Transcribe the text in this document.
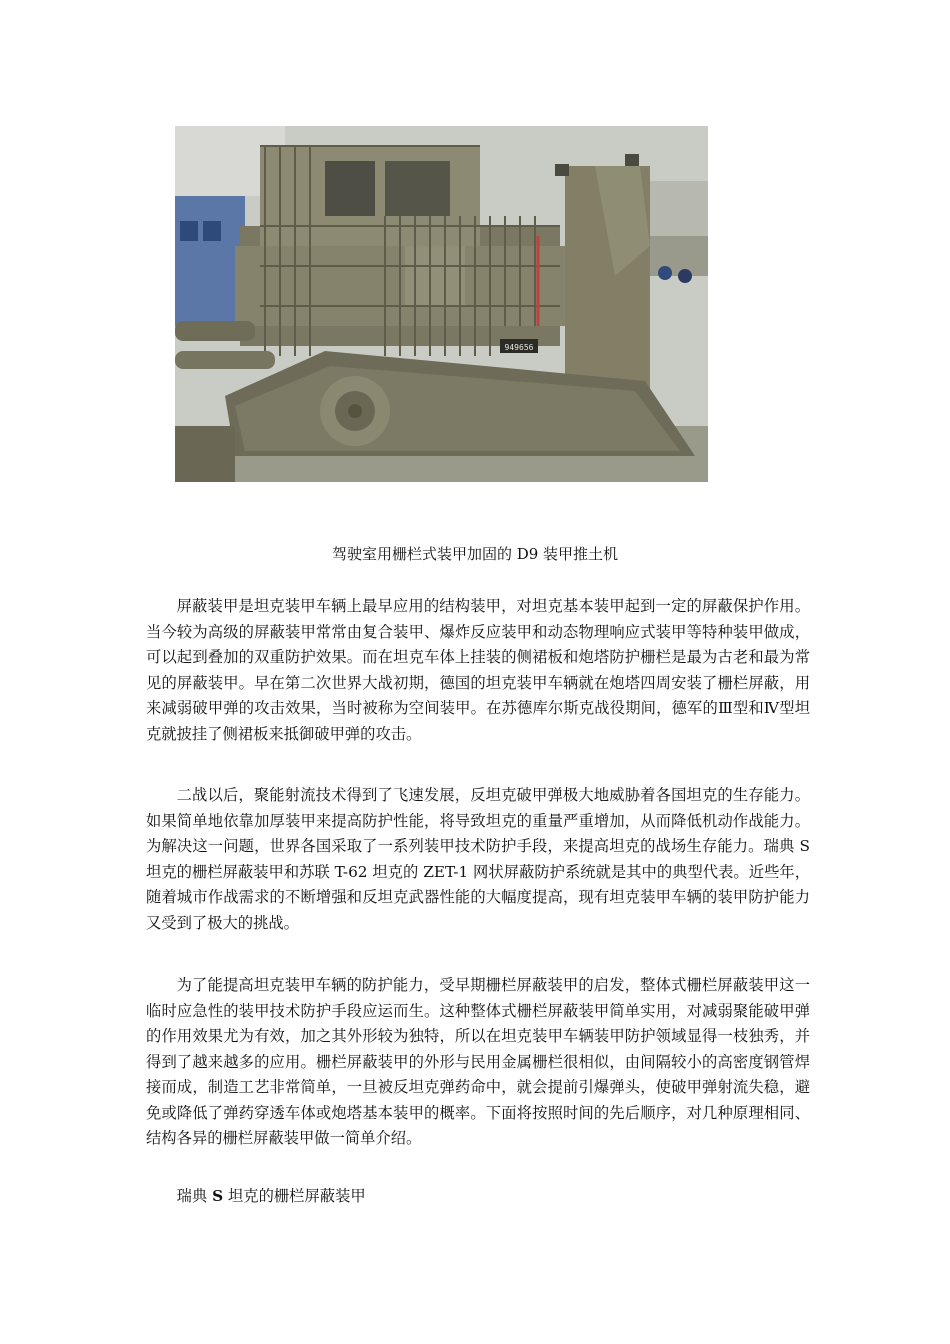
949656
驾驶室用栅栏式装甲加固的 D9 装甲推土机

屏蔽装甲是坦克装甲车辆上最早应用的结构装甲，对坦克基本装甲起到一定的屏蔽保护作用。当今较为高级的屏蔽装甲常常由复合装甲、爆炸反应装甲和动态物理响应式装甲等特种装甲做成，可以起到叠加的双重防护效果。而在坦克车体上挂装的侧裙板和炮塔防护栅栏是最为古老和最为常见的屏蔽装甲。早在第二次世界大战初期，德国的坦克装甲车辆就在炮塔四周安装了栅栏屏蔽，用来减弱破甲弹的攻击效果，当时被称为空间装甲。在苏德库尔斯克战役期间，德军的Ⅲ型和Ⅳ型坦克就披挂了侧裙板来抵御破甲弹的攻击。

二战以后，聚能射流技术得到了飞速发展，反坦克破甲弹极大地威胁着各国坦克的生存能力。如果简单地依靠加厚装甲来提高防护性能，将导致坦克的重量严重增加，从而降低机动作战能力。为解决这一问题，世界各国采取了一系列装甲技术防护手段，来提高坦克的战场生存能力。瑞典 S 坦克的栅栏屏蔽装甲和苏联 T-62 坦克的 ZET-1 网状屏蔽防护系统就是其中的典型代表。近些年，随着城市作战需求的不断增强和反坦克武器性能的大幅度提高，现有坦克装甲车辆的装甲防护能力又受到了极大的挑战。

为了能提高坦克装甲车辆的防护能力，受早期栅栏屏蔽装甲的启发，整体式栅栏屏蔽装甲这一临时应急性的装甲技术防护手段应运而生。这种整体式栅栏屏蔽装甲简单实用，对减弱聚能破甲弹的作用效果尤为有效，加之其外形较为独特，所以在坦克装甲车辆装甲防护领域显得一枝独秀，并得到了越来越多的应用。栅栏屏蔽装甲的外形与民用金属栅栏很相似，由间隔较小的高密度钢管焊接而成，制造工艺非常简单，一旦被反坦克弹药命中，就会提前引爆弹头，使破甲弹射流失稳，避免或降低了弹药穿透车体或炮塔基本装甲的概率。下面将按照时间的先后顺序，对几种原理相同、结构各异的栅栏屏蔽装甲做一简单介绍。

瑞典 S 坦克的栅栏屏蔽装甲
